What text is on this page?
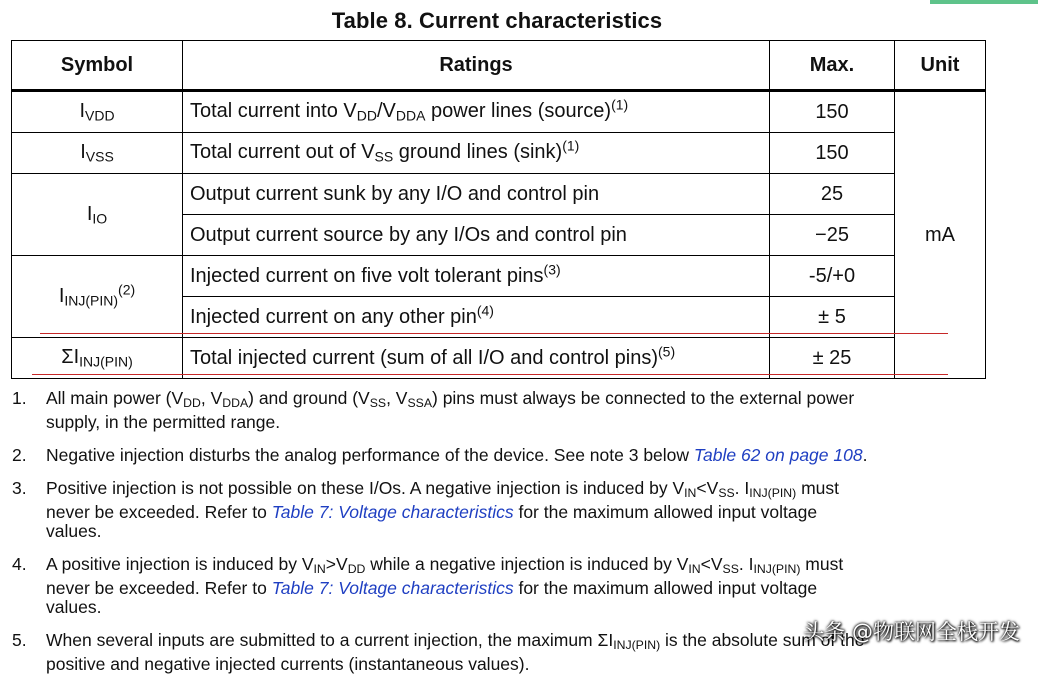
Table 8. Current characteristics
Symbol	Ratings	Max.	Unit
$I_{VDD}$	Total current into $V_{DD}/V_{DDA}$ power lines (source)$^{(1)}$	150	mA
$I_{VSS}$	Total current out of $V_{SS}$ ground lines $(\sin k)^{(1)}$	150	
$I_{IO}$	Output current sunk by any I/O and control pin	25	
	Output current source by any I/Os and control pin	−25	
$I_{INJ(PIN)}^{(2)}$	Injected current on five volt tolerant pins$^{(3)}$	-5/+0	
	Injected current on any other pin$^{(4)}$	± 5	
$\Sigma I_{INJ(PIN)}$	Total injected current (sum of all I/O and control pins)$^{(5)}$	± 25	
1. All main power ($V_{DD}$, $V_{DDA}$) and ground ($V_{SS}$, $V_{SSA}$) pins must always be connected to the external power
supply, in the permitted range.
2. Negative injection disturbs the analog performance of the device. See note 3 below Table 62 on page 108.
3. Positive injection is not possible on these I/Os. A negative injection is induced by $V_{IN}<V_{SS}$. $I_{INJ(PIN)}$ must
never be exceeded. Refer to Table 7: Voltage characteristics for the maximum allowed input voltage
values.
4. A positive injection is induced by $V_{IN}>V_{DD}$ while a negative injection is induced by $V_{IN}<V_{SS}$. $I_{INJ(PIN)}$ must
never be exceeded. Refer to Table 7: Voltage characteristics for the maximum allowed input voltage
values.
5. When several inputs are submitted to a current injection, the maximum $\Sigma I_{INJ(PIN)}$ is the absolute sum of the
positive and negative injected currents (instantaneous values).
头条 @物联网全栈开发
